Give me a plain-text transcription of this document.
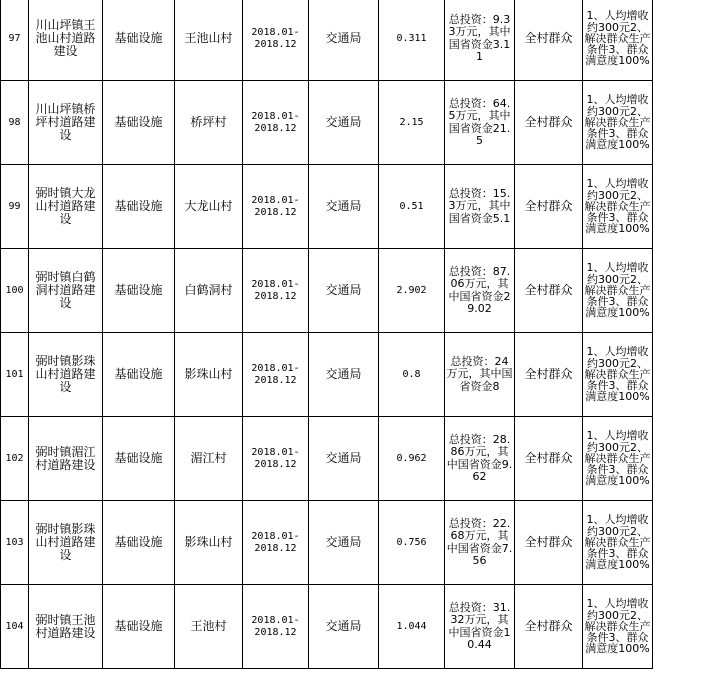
97	川山坪镇王池山村道路建设	基础设施	王池山村	2018.01-2018.12	交通局	0.311	总投资：9.33万元，其中国省资金3.11	全村群众	1、人均增收约300元2、解决群众生产条件3、群众满意度100%

98	川山坪镇桥坪村道路建设	基础设施	桥坪村	2018.01-2018.12	交通局	2.15	总投资：64.5万元，其中国省资金21.5	全村群众	1、人均增收约300元2、解决群众生产条件3、群众满意度100%

99	弼时镇大龙山村道路建设	基础设施	大龙山村	2018.01-2018.12	交通局	0.51	总投资：15.3万元，其中国省资金5.1	全村群众	1、人均增收约300元2、解决群众生产条件3、群众满意度100%

100	弼时镇白鹤洞村道路建设	基础设施	白鹤洞村	2018.01-2018.12	交通局	2.902	总投资：87.06万元，其中国省资金29.02	全村群众	1、人均增收约300元2、解决群众生产条件3、群众满意度100%

101	弼时镇影珠山村道路建设	基础设施	影珠山村	2018.01-2018.12	交通局	0.8	总投资：24万元，其中国省资金8	全村群众	1、人均增收约300元2、解决群众生产条件3、群众满意度100%

102	弼时镇湄江村道路建设	基础设施	湄江村	2018.01-2018.12	交通局	0.962	总投资：28.86万元，其中国省资金9.62	全村群众	1、人均增收约300元2、解决群众生产条件3、群众满意度100%

103	弼时镇影珠山村道路建设	基础设施	影珠山村	2018.01-2018.12	交通局	0.756	总投资：22.68万元，其中国省资金7.56	全村群众	1、人均增收约300元2、解决群众生产条件3、群众满意度100%

104	弼时镇王池村道路建设	基础设施	王池村	2018.01-2018.12	交通局	1.044	总投资：31.32万元，其中国省资金10.44	全村群众	1、人均增收约300元2、解决群众生产条件3、群众满意度100%
